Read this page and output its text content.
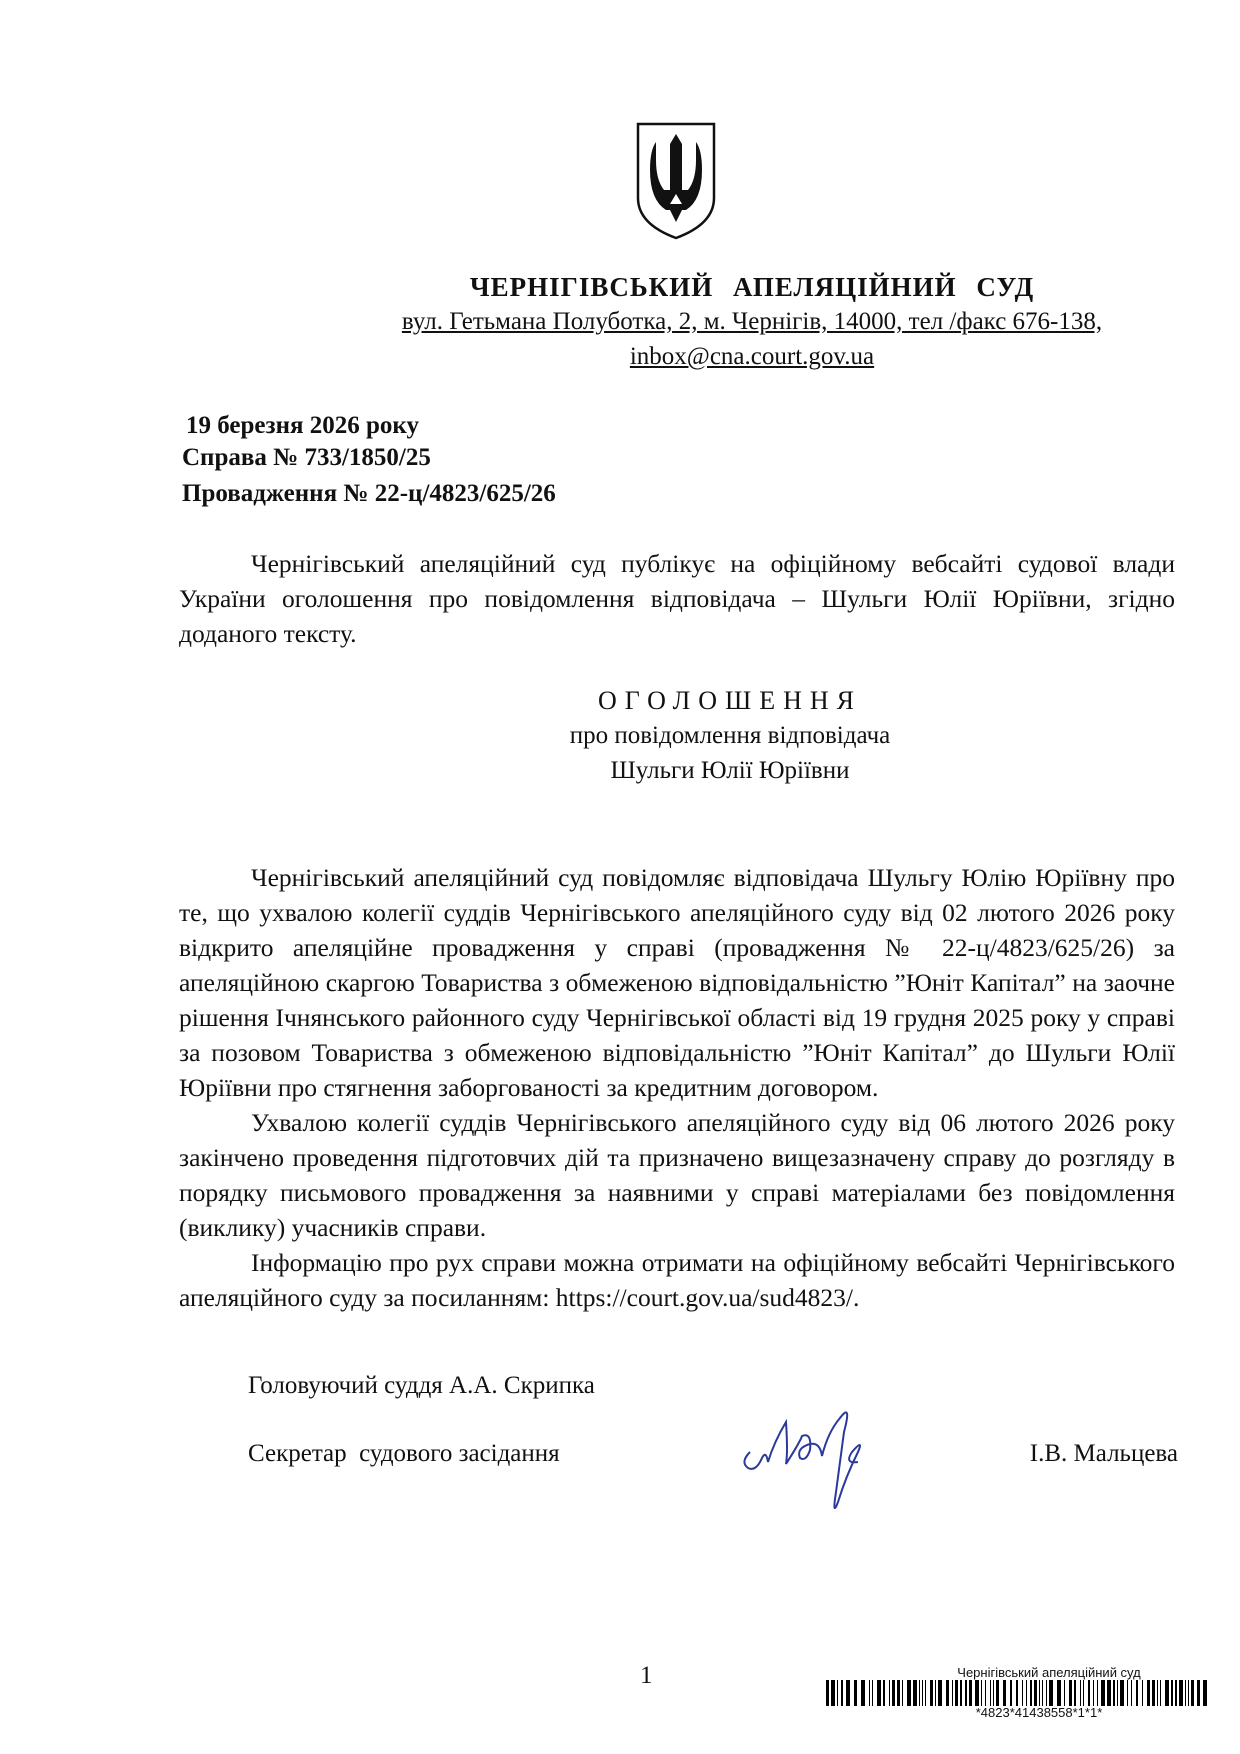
ЧЕРНІГІВСЬКИЙ АПЕЛЯЦІЙНИЙ СУД
вул. Гетьмана Полуботка, 2, м. Чернігів, 14000, тел /факс 676-138,
inbox@cna.court.gov.ua
19 березня 2026 року
Справа № 733/1850/25
Провадження № 22-ц/4823/625/26

Чернігівський апеляційний суд публікує на офіційному вебсайті судової влади України оголошення про повідомлення відповідача – Шульги Юлії Юріївни, згідно доданого тексту.

ОГОЛОШЕННЯ
про повідомлення відповідача
Шульги Юлії Юріївни

Чернігівський апеляційний суд повідомляє відповідача Шульгу Юлію Юріївну про те, що ухвалою колегії суддів Чернігівського апеляційного суду від 02 лютого 2026 року відкрито апеляційне провадження у справі (провадження № 22-ц/4823/625/26) за апеляційною скаргою Товариства з обмеженою відповідальністю ”Юніт Капітал” на заочне рішення Ічнянського районного суду Чернігівської області від 19 грудня 2025 року у справі за позовом Товариства з обмеженою відповідальністю ”Юніт Капітал” до Шульги Юлії Юріївни про стягнення заборгованості за кредитним договором.

Ухвалою колегії суддів Чернігівського апеляційного суду від 06 лютого 2026 року закінчено проведення підготовчих дій та призначено вищезазначену справу до розгляду в порядку письмового провадження за наявними у справі матеріалами без повідомлення (виклику) учасників справи.

Інформацію про рух справи можна отримати на офіційному вебсайті Чернігівського апеляційного суду за посиланням: https://court.gov.ua/sud4823/.

Головуючий суддя А.А. Скрипка
Секретар  судового засідання	І.В. Мальцева
1	Чернігівський апеляційний суд
*4823*41438558*1*1*
